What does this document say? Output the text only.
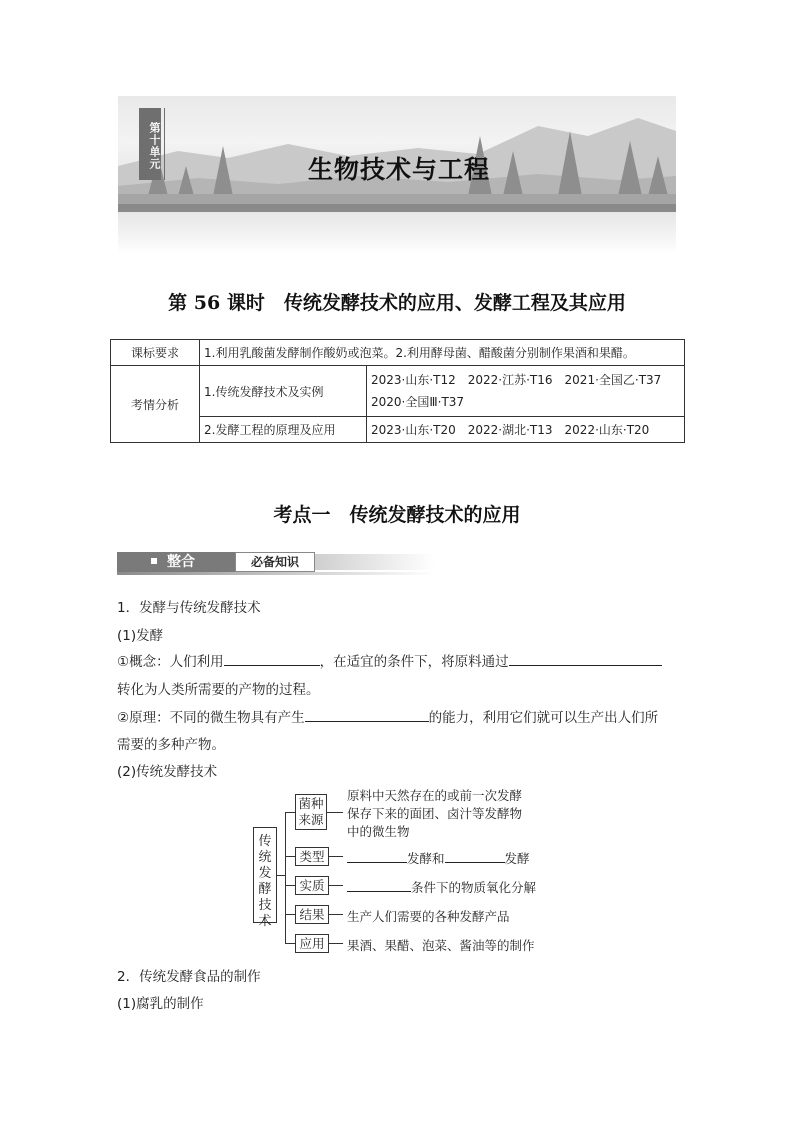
第十单元	生物技术与工程
第 56 课时　传统发酵技术的应用、发酵工程及其应用
课标要求	1.利用乳酸菌发酵制作酸奶或泡菜。2.利用酵母菌、醋酸菌分别制作果酒和果醋。	
考情分析	1.传统发酵技术及实例	2023·山东·T12　2022·江苏·T16　2021·全国乙·T37
2020·全国Ⅲ·T37

	2.发酵工程的原理及应用	2023·山东·T20　2022·湖北·T13　2022·山东·T20
考点一　传统发酵技术的应用
整合	必备知识
1．发酵与传统发酵技术
(1)发酵
①概念：人们利用	，在适宜的条件下，将原料通过
转化为人类所需要的产物的过程。
②原理：不同的微生物具有产生	的能力，利用它们就可以生产出人们所
需要的多种产物。
(2)传统发酵技术
传统发酵技术
菌种来源
原料中天然存在的或前一次发酵
保存下来的面团、卤汁等发酵物
中的微生物
类型	发酵和	发酵
实质	条件下的物质氧化分解
结果	生产人们需要的各种发酵产品
应用	果酒、果醋、泡菜、酱油等的制作
2．传统发酵食品的制作
(1)腐乳的制作
